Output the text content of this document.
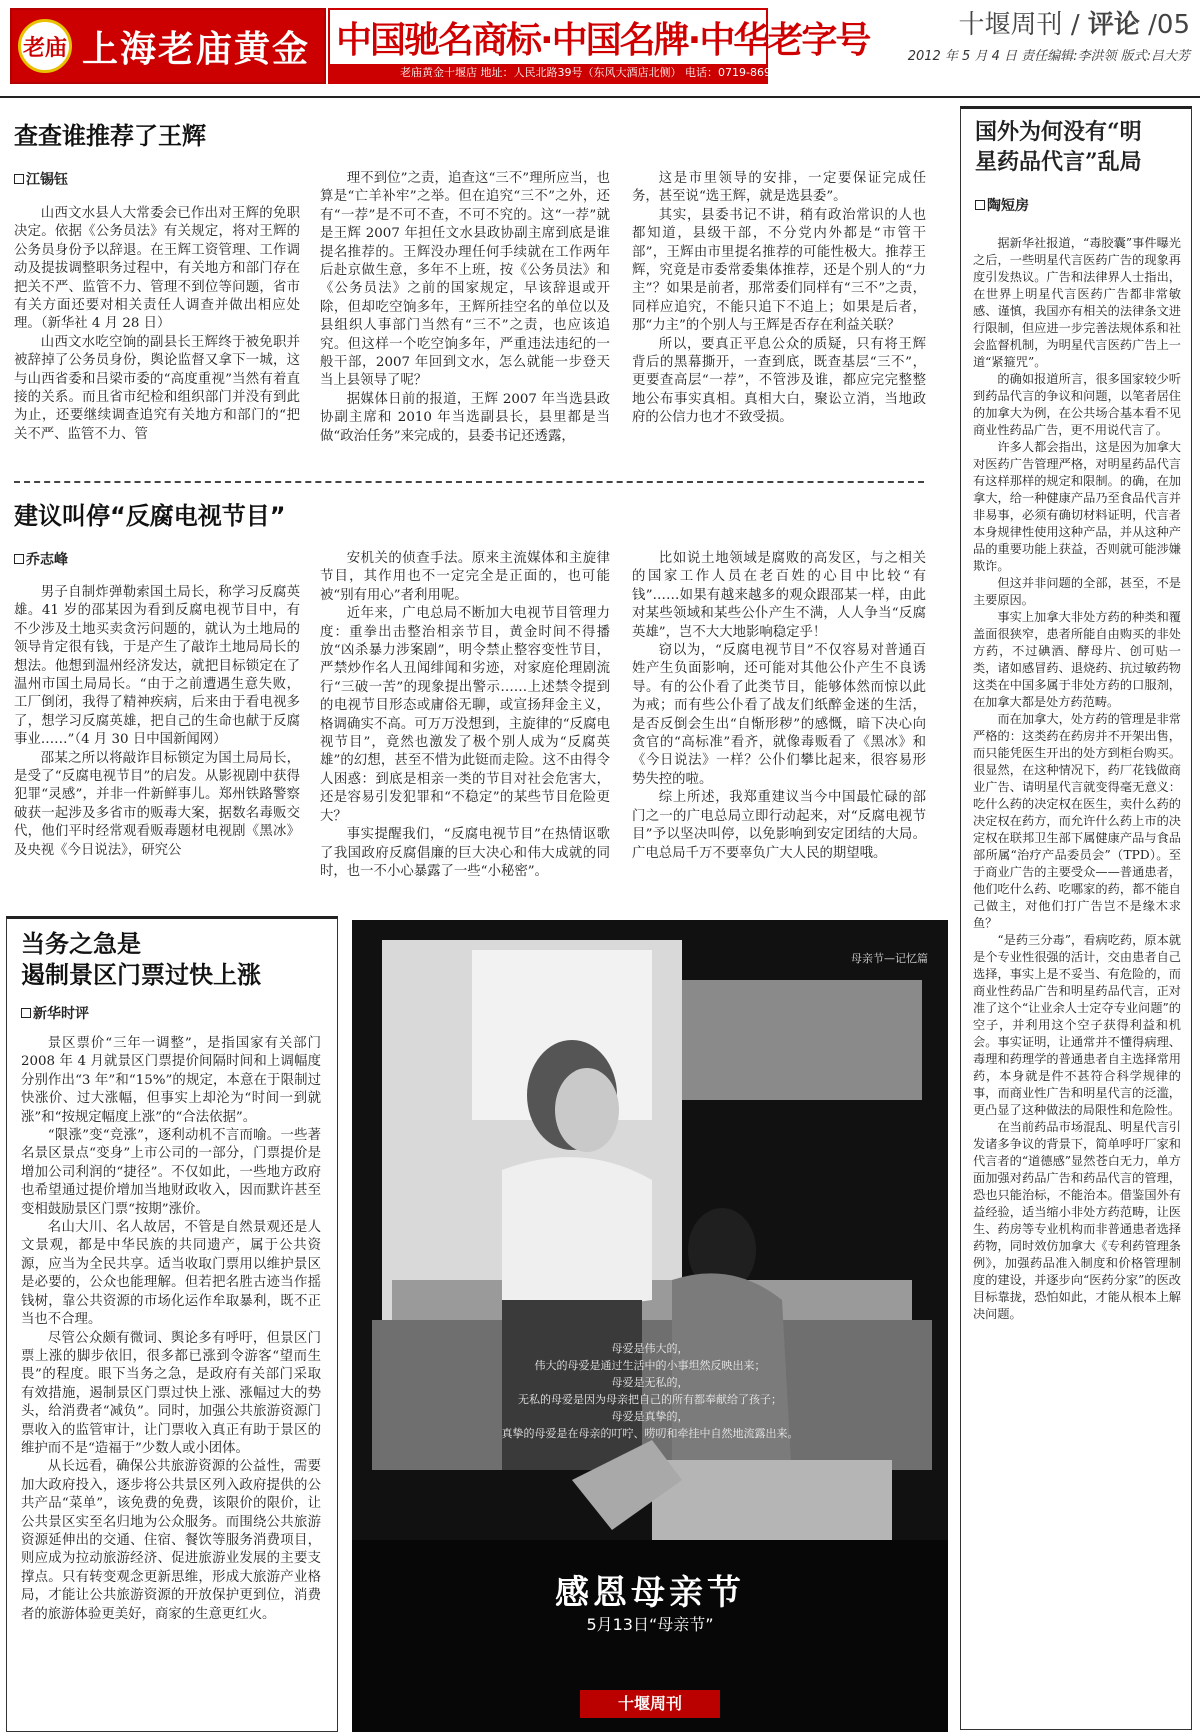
老庙 上海老庙黄金 中国驰名商标·中国名牌·中华老字号
老庙黄金十堰店 地址：人民北路39号（东风大酒店北侧） 电话：0719-8698067
十堰周刊 / 评论 /05
2012 年 5 月 4 日 责任编辑:李洪领 版式:吕大芳
查查谁推荐了王辉
江锡钰

山西文水县人大常委会已作出对王辉的免职决定。依据《公务员法》有关规定，将对王辉的公务员身份予以辞退。在王辉工资管理、工作调动及提拔调整职务过程中，有关地方和部门存在把关不严、监管不力、管理不到位等问题，省市有关方面还要对相关责任人调查并做出相应处理。（新华社 4 月 28 日）

山西文水吃空饷的副县长王辉终于被免职并被辞掉了公务员身份，舆论监督又拿下一城，这与山西省委和吕梁市委的“高度重视”当然有着直接的关系。而且省市纪检和组织部门并没有到此为止，还要继续调查追究有关地方和部门的“把关不严、监管不力、管

理不到位”之责，追查这“三不”理所应当，也算是“亡羊补牢”之举。但在追究“三不”之外，还有“一荐”是不可不查，不可不究的。这“一荐”就是王辉 2007 年担任文水县政协副主席到底是谁提名推荐的。王辉没办理任何手续就在工作两年后赴京做生意，多年不上班，按《公务员法》和《公务员法》之前的国家规定，早该辞退或开除，但却吃空饷多年，王辉所挂空名的单位以及县组织人事部门当然有“三不”之责，也应该追究。但这样一个吃空饷多年，严重违法违纪的一般干部，2007 年回到文水，怎么就能一步登天当上县领导了呢？

据媒体日前的报道，王辉 2007 年当选县政协副主席和 2010 年当选副县长，县里都是当做“政治任务”来完成的，县委书记还透露，

这是市里领导的安排，一定要保证完成任务，甚至说“选王辉，就是选县委”。

其实，县委书记不讲，稍有政治常识的人也都知道，县级干部，不分党内外都是“市管干部”，王辉由市里提名推荐的可能性极大。推荐王辉，究竟是市委常委集体推荐，还是个别人的“力主”？如果是前者，那常委们同样有“三不”之责，同样应追究，不能只追下不追上；如果是后者，那“力主”的个别人与王辉是否存在利益关联？

所以，要真正平息公众的质疑，只有将王辉背后的黑幕撕开，一查到底，既查基层“三不”，更要查高层“一荐”，不管涉及谁，都应完完整整地公布事实真相。真相大白，聚讼立消，当地政府的公信力也才不致受损。

建议叫停“反腐电视节目”
乔志峰

男子自制炸弹勒索国土局长，称学习反腐英雄。41 岁的邵某因为看到反腐电视节目中，有不少涉及土地买卖贪污问题的，就认为土地局的领导肯定很有钱，于是产生了敲诈土地局局长的想法。他想到温州经济发达，就把目标锁定在了温州市国土局局长。“由于之前遭遇生意失败，工厂倒闭，我得了精神疾病，后来由于看电视多了，想学习反腐英雄，把自己的生命也献于反腐事业……”（4 月 30 日中国新闻网）

邵某之所以将敲诈目标锁定为国土局局长，是受了“反腐电视节目”的启发。从影视剧中获得犯罪“灵感”，并非一件新鲜事儿。郑州铁路警察破获一起涉及多省市的贩毒大案，据数名毒贩交代，他们平时经常观看贩毒题材电视剧《黑冰》及央视《今日说法》，研究公

安机关的侦查手法。原来主流媒体和主旋律节目，其作用也不一定完全是正面的，也可能被“别有用心”者利用呢。

近年来，广电总局不断加大电视节目管理力度：重拳出击整治相亲节目，黄金时间不得播放“凶杀暴力涉案剧”，明令禁止整容变性节目，严禁炒作名人丑闻绯闻和劣迹，对家庭伦理剧流行“三破一苦”的现象提出警示……上述禁令提到的电视节目形态或庸俗无聊，或宣扬拜金主义，格调确实不高。可万万没想到，主旋律的“反腐电视节目”，竟然也激发了极个别人成为“反腐英雄”的幻想，甚至不惜为此铤而走险。这不由得令人困惑：到底是相亲一类的节目对社会危害大，还是容易引发犯罪和“不稳定”的某些节目危险更大？

事实提醒我们，“反腐电视节目”在热情讴歌了我国政府反腐倡廉的巨大决心和伟大成就的同时，也一不小心暴露了一些“小秘密”。

比如说土地领域是腐败的高发区，与之相关的国家工作人员在老百姓的心目中比较“有钱”……如果有越来越多的观众跟邵某一样，由此对某些领域和某些公仆产生不满，人人争当“反腐英雄”，岂不大大地影响稳定乎！

窃以为，“反腐电视节目”不仅容易对普通百姓产生负面影响，还可能对其他公仆产生不良诱导。有的公仆看了此类节目，能够体然而惊以此为戒；而有些公仆看了战友们纸醉金迷的生活，是否反倒会生出“自惭形秽”的感慨，暗下决心向贪官的“高标准”看齐，就像毒贩看了《黑冰》和《今日说法》一样？公仆们攀比起来，很容易形势失控的啦。

综上所述，我郑重建议当今中国最忙碌的部门之一的广电总局立即行动起来，对“反腐电视节目”予以坚决叫停，以免影响到安定团结的大局。广电总局千万不要辜负广大人民的期望哦。

当务之急是
遏制景区门票过快上涨
新华时评

景区票价“三年一调整”，是指国家有关部门 2008 年 4 月就景区门票提价间隔时间和上调幅度分别作出“3 年”和“15%”的规定，本意在于限制过快涨价、过大涨幅，但事实上却沦为“时间一到就涨”和“按规定幅度上涨”的“合法依据”。

“限涨”变“竞涨”，逐利动机不言而喻。一些著名景区景点“变身”上市公司的一部分，门票提价是增加公司利润的“捷径”。不仅如此，一些地方政府也希望通过提价增加当地财政收入，因而默许甚至变相鼓励景区门票“按期”涨价。

名山大川、名人故居，不管是自然景观还是人文景观，都是中华民族的共同遗产，属于公共资源，应当为全民共享。适当收取门票用以维护景区是必要的，公众也能理解。但若把名胜古迹当作摇钱树，靠公共资源的市场化运作牟取暴利，既不正当也不合理。

尽管公众颇有微词、舆论多有呼吁，但景区门票上涨的脚步依旧，很多都已涨到令游客“望而生畏”的程度。眼下当务之急，是政府有关部门采取有效措施，遏制景区门票过快上涨、涨幅过大的势头，给消费者“减负”。同时，加强公共旅游资源门票收入的监管审计，让门票收入真正有助于景区的维护而不是“造福于”少数人或小团体。

从长远看，确保公共旅游资源的公益性，需要加大政府投入，逐步将公共景区列入政府提供的公共产品“菜单”，该免费的免费，该限价的限价，让公共景区实至名归地为公众服务。而围绕公共旅游资源延伸出的交通、住宿、餐饮等服务消费项目，则应成为拉动旅游经济、促进旅游业发展的主要支撑点。只有转变观念更新思维，形成大旅游产业格局，才能让公共旅游资源的开放保护更到位，消费者的旅游体验更美好，商家的生意更红火。

母亲节—记忆篇
母爱是伟大的，
伟大的母爱是通过生活中的小事坦然反映出来；
母爱是无私的，
无私的母爱是因为母亲把自己的所有都奉献给了孩子；
母爱是真挚的，
真挚的母爱是在母亲的叮咛、唠叨和牵挂中自然地流露出来。
感恩母亲节
5月13日“母亲节”
十堰周刊
国外为何没有“明
星药品代言”乱局
陶短房

据新华社报道，“毒胶囊”事件曝光之后，一些明星代言医药广告的现象再度引发热议。广告和法律界人士指出，在世界上明星代言医药广告都非常敏感、谨慎，我国亦有相关的法律条文进行限制，但应进一步完善法规体系和社会监督机制，为明星代言医药广告上一道“紧箍咒”。

的确如报道所言，很多国家较少听到药品代言的争议和问题，以笔者居住的加拿大为例，在公共场合基本看不见商业性药品广告，更不用说代言了。

许多人都会指出，这是因为加拿大对医药广告管理严格，对明星药品代言有这样那样的规定和限制。的确，在加拿大，给一种健康产品乃至食品代言并非易事，必须有确切材料证明，代言者本身规律性使用这种产品，并从这种产品的重要功能上获益，否则就可能涉嫌欺诈。

但这并非问题的全部，甚至，不是主要原因。

事实上加拿大非处方药的种类和覆盖面很狭窄，患者所能自由购买的非处方药，不过碘酒、酵母片、创可贴一类，诸如感冒药、退烧药、抗过敏药物这类在中国多属于非处方药的口服剂，在加拿大都是处方药范畴。

而在加拿大，处方药的管理是非常严格的：这类药在药房并不开架出售，而只能凭医生开出的处方到柜台购买。很显然，在这种情况下，药厂花钱做商业广告、请明星代言就变得毫无意义：吃什么药的决定权在医生，卖什么药的决定权在药方，而允许什么药上市的决定权在联邦卫生部下属健康产品与食品部所属“治疗产品委员会”（TPD）。至于商业广告的主要受众——普通患者，他们吃什么药、吃哪家的药，都不能自己做主，对他们打广告岂不是缘木求鱼？

“是药三分毒”，看病吃药，原本就是个专业性很强的活计，交由患者自己选择，事实上是不妥当、有危险的，而商业性药品广告和明星药品代言，正对准了这个“让业余人士定夺专业问题”的空子，并利用这个空子获得利益和机会。事实证明，让通常并不懂得病理、毒理和药理学的普通患者自主选择常用药，本身就是件不甚符合科学规律的事，而商业性广告和明星代言的泛滥，更凸显了这种做法的局限性和危险性。

在当前药品市场混乱、明星代言引发诸多争议的背景下，简单呼吁厂家和代言者的“道德感”显然苍白无力，单方面加强对药品广告和药品代言的管理，恐也只能治标，不能治本。借鉴国外有益经验，适当缩小非处方药范畴，让医生、药房等专业机构而非普通患者选择药物，同时效仿加拿大《专利药管理条例》，加强药品准入制度和价格管理制度的建设，并逐步向“医药分家”的医改目标靠拢，恐怕如此，才能从根本上解决问题。
